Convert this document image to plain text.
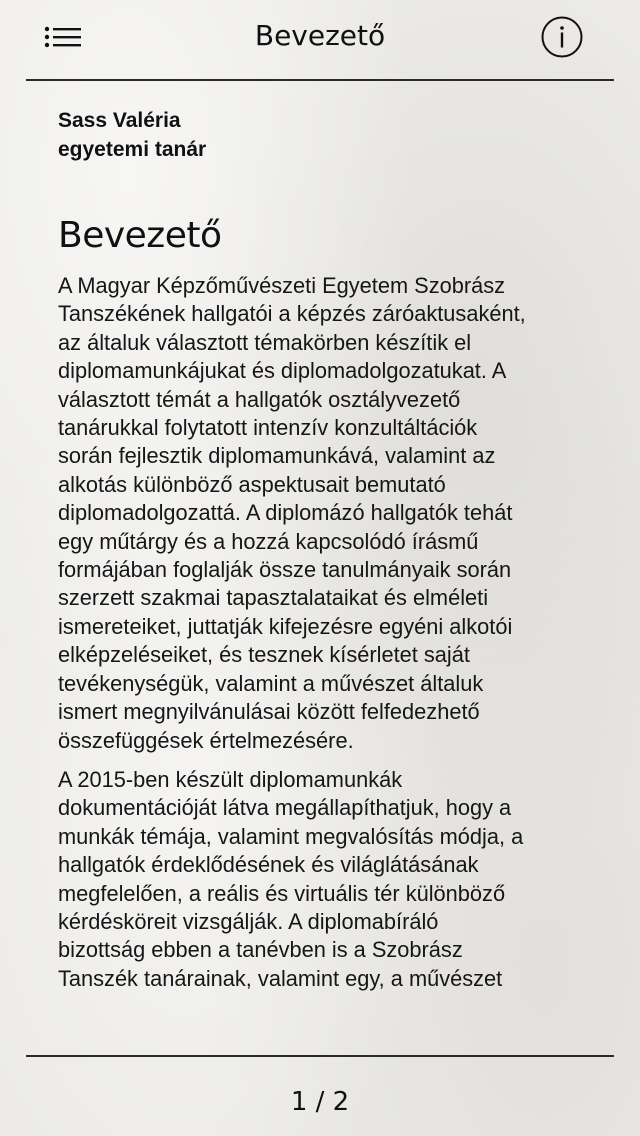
Bevezető

Sass Valéria

egyetemi tanár

Bevezető

A Magyar Képzőművészeti Egyetem Szobrász
Tanszékének hallgatói a képzés záróaktusaként,
az általuk választott témakörben készítik el
diplomamunkájukat és diplomadolgozatukat. A
választott témát a hallgatók osztályvezető
tanárukkal folytatott intenzív konzultáltációk
során fejlesztik diplomamunkává, valamint az
alkotás különböző aspektusait bemutató
diplomadolgozattá. A diplomázó hallgatók tehát
egy műtárgy és a hozzá kapcsolódó írásmű
formájában foglalják össze tanulmányaik során
szerzett szakmai tapasztalataikat és elméleti
ismereteiket, juttatják kifejezésre egyéni alkotói
elképzeléseiket, és tesznek kísérletet saját
tevékenységük, valamint a művészet általuk
ismert megnyilvánulásai között felfedezhető
összefüggések értelmezésére.

A 2015-ben készült diplomamunkák
dokumentációját látva megállapíthatjuk, hogy a
munkák témája, valamint megvalósítás módja, a
hallgatók érdeklődésének és világlátásának
megfelelően, a reális és virtuális tér különböző
kérdésköreit vizsgálják. A diplomabíráló
bizottság ebben a tanévben is a Szobrász
Tanszék tanárainak, valamint egy, a művészet

1 / 2
